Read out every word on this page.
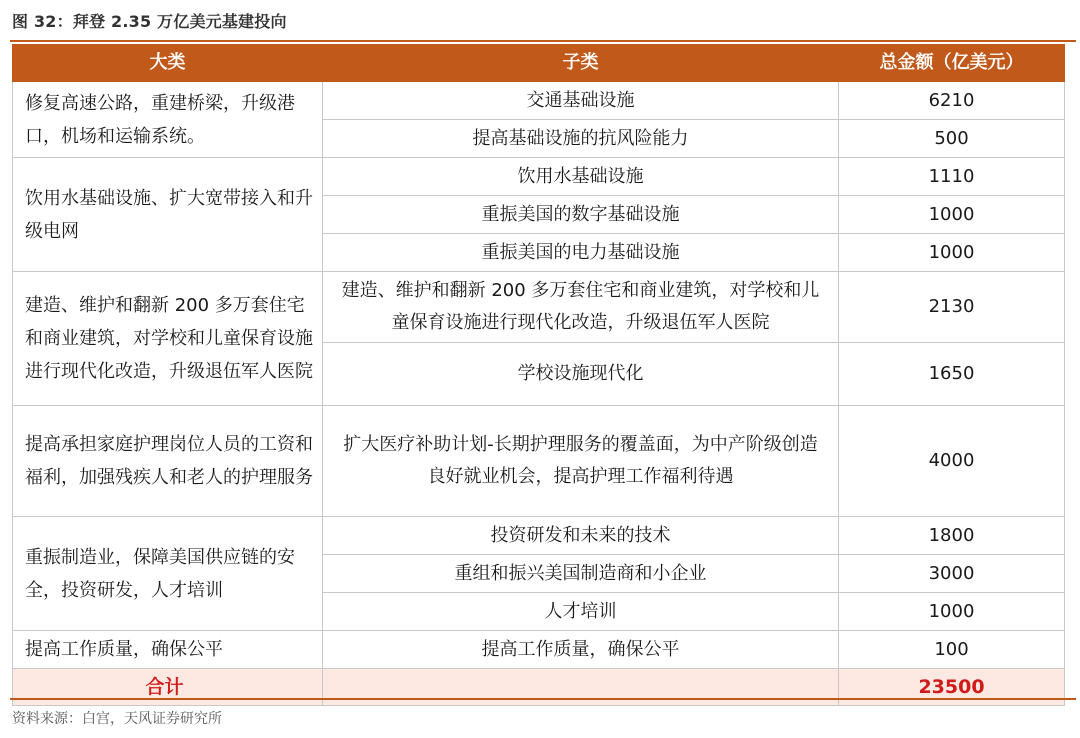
图 32：拜登 2.35 万亿美元基建投向
大类	子类	总金额（亿美元）
修复高速公路，重建桥梁，升级港口，机场和运输系统。	交通基础设施	6210
	提高基础设施的抗风险能力	500
饮用水基础设施、扩大宽带接入和升级电网	饮用水基础设施	1110
	重振美国的数字基础设施	1000
	重振美国的电力基础设施	1000
建造、维护和翻新 200 多万套住宅和商业建筑，对学校和儿童保育设施进行现代化改造，升级退伍军人医院	建造、维护和翻新 200 多万套住宅和商业建筑，对学校和儿童保育设施进行现代化改造，升级退伍军人医院	2130
	学校设施现代化	1650
提高承担家庭护理岗位人员的工资和福利，加强残疾人和老人的护理服务	扩大医疗补助计划-长期护理服务的覆盖面，为中产阶级创造良好就业机会，提高护理工作福利待遇	4000
重振制造业，保障美国供应链的安全，投资研发，人才培训	投资研发和未来的技术	1800
	重组和振兴美国制造商和小企业	3000
	人才培训	1000
提高工作质量，确保公平	提高工作质量，确保公平	100
合计		23500
资料来源：白宫，天风证券研究所
